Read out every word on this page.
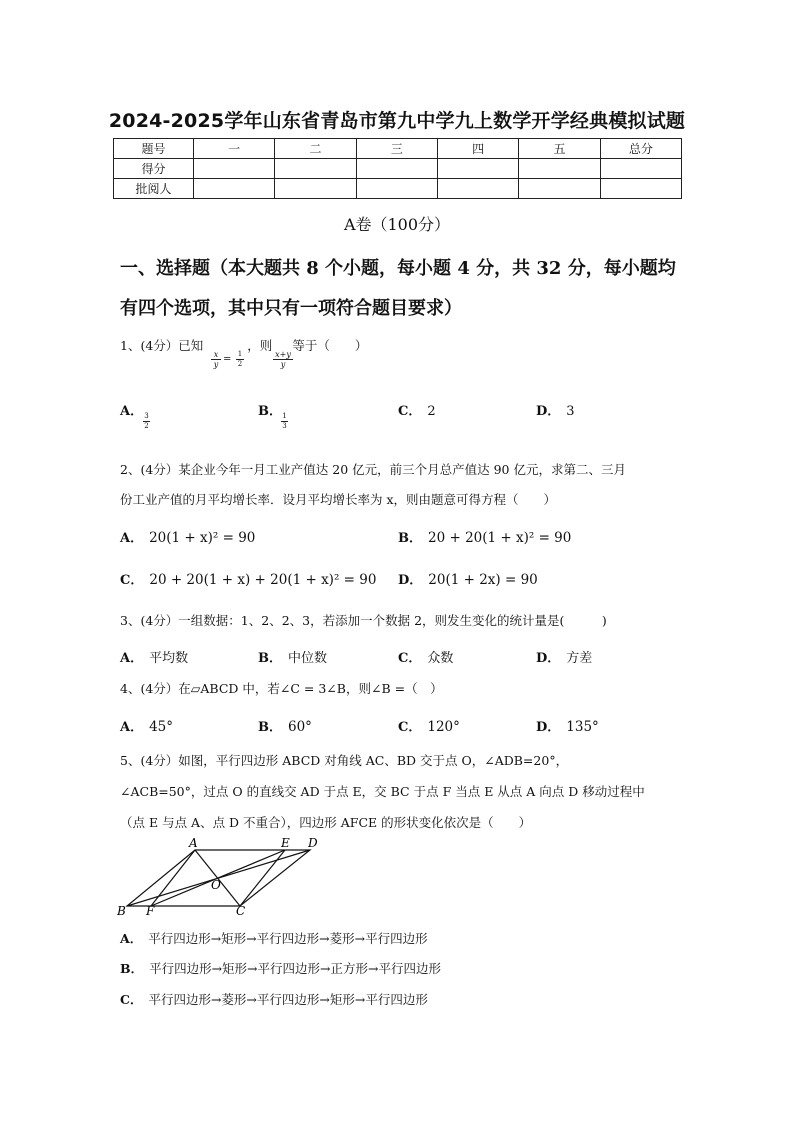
2024-2025学年山东省青岛市第九中学九上数学开学经典模拟试题
题号	一	二	三	四	五	总分
得分						
批阅人						
A卷（100分）
一、选择题（本大题共 8 个小题，每小题 4 分，共 32 分，每小题均
有四个选项，其中只有一项符合题目要求）
1、(4分）已知	，则 等于（　　）
$\frac{x}{y} = \frac{1}{2}$	$\frac{x+y}{y}$
A．
$\frac{3}{2}$
B．
$\frac{1}{3}$
C． 2	D． 3
2、(4分）某企业今年一月工业产值达 20 亿元，前三个月总产值达 90 亿元，求第二、三月
份工业产值的月平均增长率．设月平均增长率为 x，则由题意可得方程（　　）
A． 20(1 + x)² = 90	B． 20 + 20(1 + x)² = 90
C． 20 + 20(1 + x) + 20(1 + x)² = 90 D． 20(1 + 2x) = 90
3、(4分）一组数据：1、2、2、3，若添加一个数据 2，则发生变化的统计量是(　　　)
A． 平均数	B． 中位数	C． 众数	D． 方差
4、(4分）在▱ABCD 中，若∠C = 3∠B，则∠B =（　）
A． 45°	B． 60°	C． 120°	D． 135°
5、(4分）如图，平行四边形 ABCD 对角线 AC、BD 交于点 O，∠ADB=20°，
∠ACB=50°，过点 O 的直线交 AD 于点 E，交 BC 于点 F 当点 E 从点 A 向点 D 移动过程中
（点 E 与点 A、点 D 不重合），四边形 AFCE 的形状变化依次是（　　）
A	E D
O
B F	C
A． 平行四边形→矩形→平行四边形→菱形→平行四边形
B． 平行四边形→矩形→平行四边形→正方形→平行四边形
C． 平行四边形→菱形→平行四边形→矩形→平行四边形
